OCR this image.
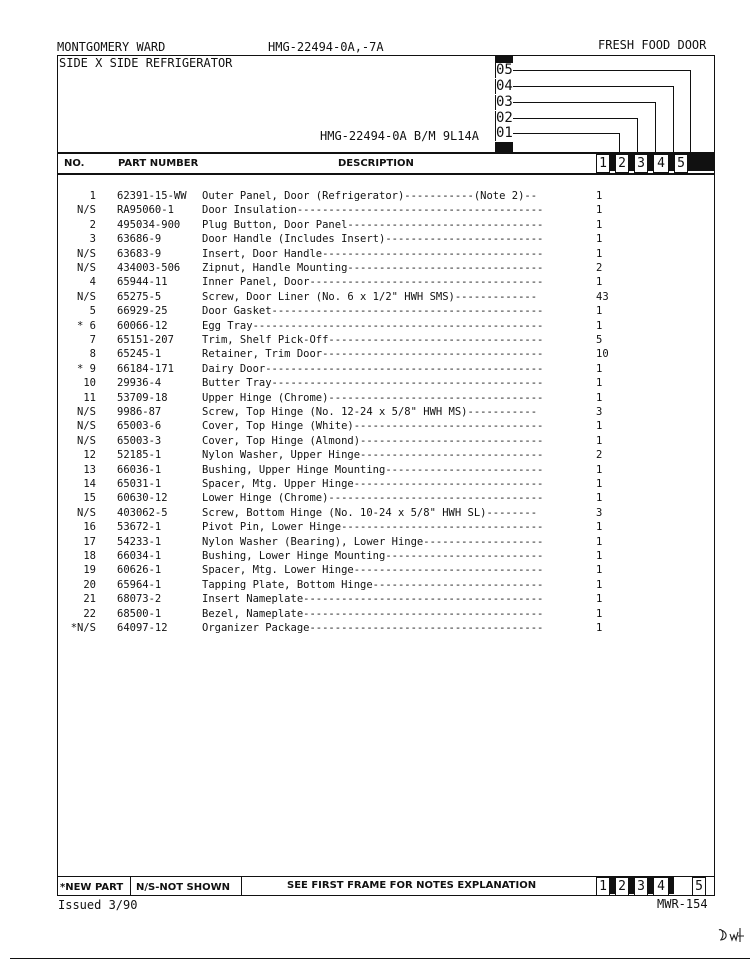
MONTGOMERY WARD	HMG-22494-0A,-7A	FRESH FOOD DOOR
SIDE X SIDE REFRIGERATOR
HMG-22494-0A B/M 9L14A
05
04
03
02
01
NO.	PART NUMBER	DESCRIPTION	1 2 3 4 5
1 62391-15-WW Outer Panel, Door (Refrigerator)-----------(Note 2)--	1
N/S RA95060-1	Door Insulation---------------------------------------	1
2 495034-900 Plug Button, Door Panel-------------------------------	1
3 63686-9	Door Handle (Includes Insert)-------------------------	1
N/S 63683-9	Insert, Door Handle-----------------------------------	1
N/S 434003-506 Zipnut, Handle Mounting-------------------------------	2
4 65944-11	Inner Panel, Door-------------------------------------	1
N/S 65275-5	Screw, Door Liner (No. 6 x 1/2" HWH SMS)-------------	43
5 66929-25	Door Gasket-------------------------------------------	1
* 6 60066-12	Egg Tray----------------------------------------------	1
7 65151-207	Trim, Shelf Pick-Off----------------------------------	5
8 65245-1	Retainer, Trim Door-----------------------------------	10
* 9 66184-171	Dairy Door--------------------------------------------	1
10 29936-4	Butter Tray-------------------------------------------	1
11 53709-18	Upper Hinge (Chrome)----------------------------------	1
N/S 9986-87	Screw, Top Hinge (No. 12-24 x 5/8" HWH MS)-----------	3
N/S 65003-6	Cover, Top Hinge (White)------------------------------	1
N/S 65003-3	Cover, Top Hinge (Almond)-----------------------------	1
12 52185-1	Nylon Washer, Upper Hinge-----------------------------	2
13 66036-1	Bushing, Upper Hinge Mounting-------------------------	1
14 65031-1	Spacer, Mtg. Upper Hinge------------------------------	1
15 60630-12	Lower Hinge (Chrome)----------------------------------	1
N/S 403062-5	Screw, Bottom Hinge (No. 10-24 x 5/8" HWH SL)--------	3
16 53672-1	Pivot Pin, Lower Hinge--------------------------------	1
17 54233-1	Nylon Washer (Bearing), Lower Hinge-------------------	1
18 66034-1	Bushing, Lower Hinge Mounting-------------------------	1
19 60626-1	Spacer, Mtg. Lower Hinge------------------------------	1
20 65964-1	Tapping Plate, Bottom Hinge---------------------------	1
21 68073-2	Insert Nameplate--------------------------------------	1
22 68500-1	Bezel, Nameplate--------------------------------------	1
*N/S 64097-12	Organizer Package-------------------------------------	1
*NEW PART N/S-NOT SHOWN	SEE FIRST FRAME FOR NOTES EXPLANATION	1 2 3 4	5
Issued 3/90	MWR-154
